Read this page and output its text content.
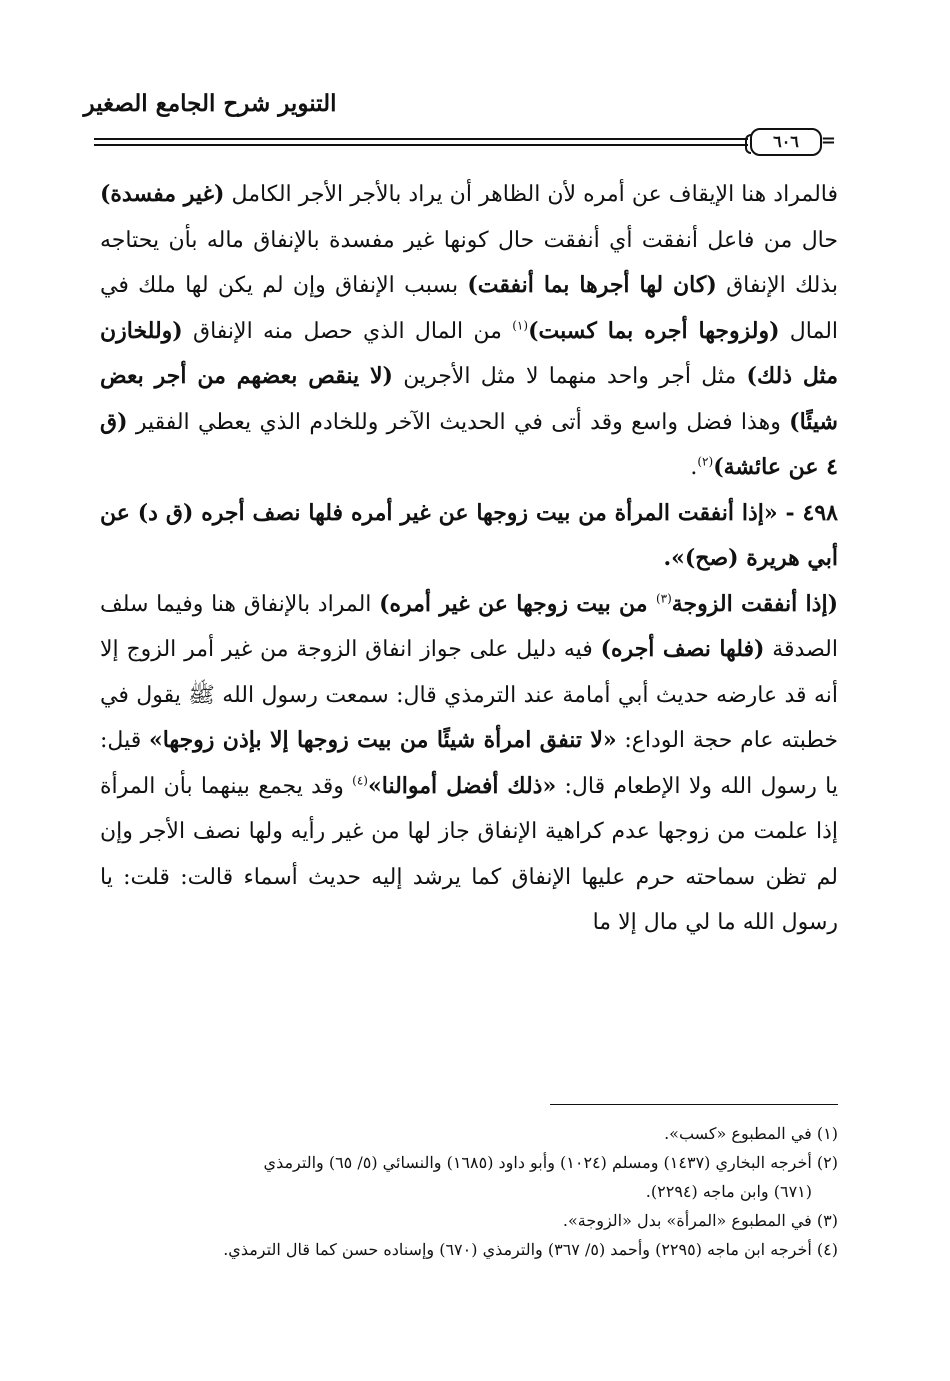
التنوير شرح الجامع الصغير
٦٠٦	=

فالمراد هنا الإيقاف عن أمره لأن الظاهر أن يراد بالأجر الأجر الكامل (غير مفسدة) حال من فاعل أنفقت أي أنفقت حال كونها غير مفسدة بالإنفاق ماله بأن يحتاجه بذلك الإنفاق (كان لها أجرها بما أنفقت) بسبب الإنفاق وإن لم يكن لها ملك في المال (ولزوجها أجره بما كسبت)$^{(١)}$ من المال الذي حصل منه الإنفاق (وللخازن مثل ذلك) مثل أجر واحد منهما لا مثل الأجرين (لا ينقص بعضهم من أجر بعض شيئًا) وهذا فضل واسع وقد أتى في الحديث الآخر وللخادم الذي يعطي الفقير (ق ٤ عن عائشة)$^{(٢)}$.

٤٩٨ - «إذا أنفقت المرأة من بيت زوجها عن غير أمره فلها نصف أجره (ق د) عن أبي هريرة (صح)».

(إذا أنفقت الزوجة$^{(٣)}$ من بيت زوجها عن غير أمره) المراد بالإنفاق هنا وفيما سلف الصدقة (فلها نصف أجره) فيه دليل على جواز انفاق الزوجة من غير أمر الزوج إلا أنه قد عارضه حديث أبي أمامة عند الترمذي قال: سمعت رسول الله ﷺ يقول في خطبته عام حجة الوداع: «لا تنفق امرأة شيئًا من بيت زوجها إلا بإذن زوجها» قيل: يا رسول الله ولا الإطعام قال: «ذلك أفضل أموالنا»$^{(٤)}$ وقد يجمع بينهما بأن المرأة إذا علمت من زوجها عدم كراهية الإنفاق جاز لها من غير رأيه ولها نصف الأجر وإن لم تظن سماحته حرم عليها الإنفاق كما يرشد إليه حديث أسماء قالت: قلت: يا رسول الله ما لي مال إلا ما

(١) في المطبوع «كسب».

(٢) أخرجه البخاري (١٤٣٧) ومسلم (١٠٢٤) وأبو داود (١٦٨٥) والنسائي (٥/ ٦٥) والترمذي

(٦٧١) وابن ماجه (٢٢٩٤).

(٣) في المطبوع «المرأة» بدل «الزوجة».

(٤) أخرجه ابن ماجه (٢٢٩٥) وأحمد (٥/ ٣٦٧) والترمذي (٦٧٠) وإسناده حسن كما قال الترمذي.
